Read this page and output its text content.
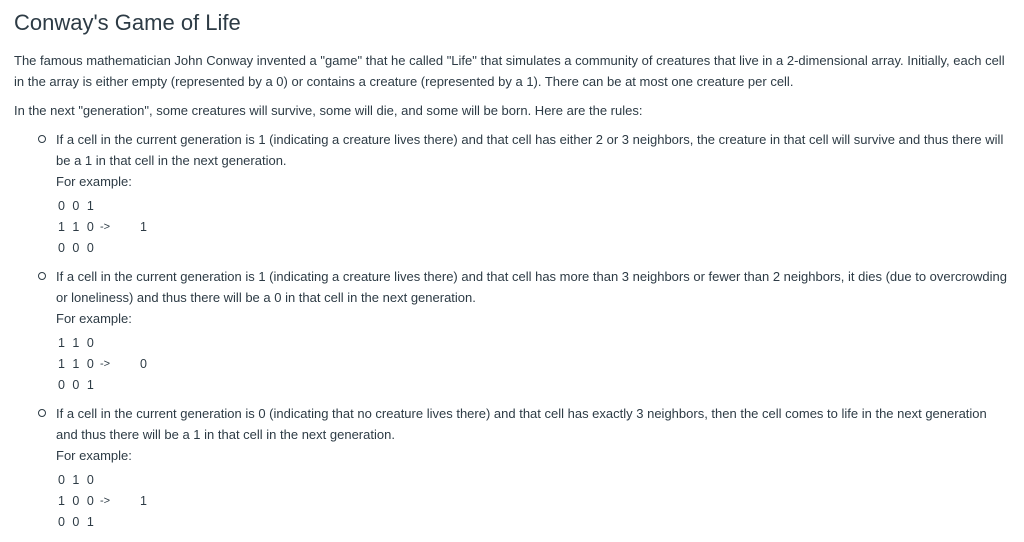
Conway's Game of Life

The famous mathematician John Conway invented a "game" that he called "Life" that simulates a community of creatures that live in a 2-dimensional array. Initially, each cell in the array is either empty (represented by a 0) or contains a creature (represented by a 1). There can be at most one creature per cell.

In the next "generation", some creatures will survive, some will die, and some will be born. Here are the rules:

If a cell in the current generation is 1 (indicating a creature lives there) and that cell has either 2 or 3 neighbors, the creature in that cell will survive and thus there will be a 1 in that cell in the next generation.
For example:
0 0 1
1 1 0 ->	1
0 0 0
If a cell in the current generation is 1 (indicating a creature lives there) and that cell has more than 3 neighbors or fewer than 2 neighbors, it dies (due to overcrowding or loneliness) and thus there will be a 0 in that cell in the next generation.
For example:
1 1 0
1 1 0 ->	0
0 0 1
If a cell in the current generation is 0 (indicating that no creature lives there) and that cell has exactly 3 neighbors, then the cell comes to life in the next generation and thus there will be a 1 in that cell in the next generation.
For example:
0 1 0
1 0 0 ->	1
0 0 1
